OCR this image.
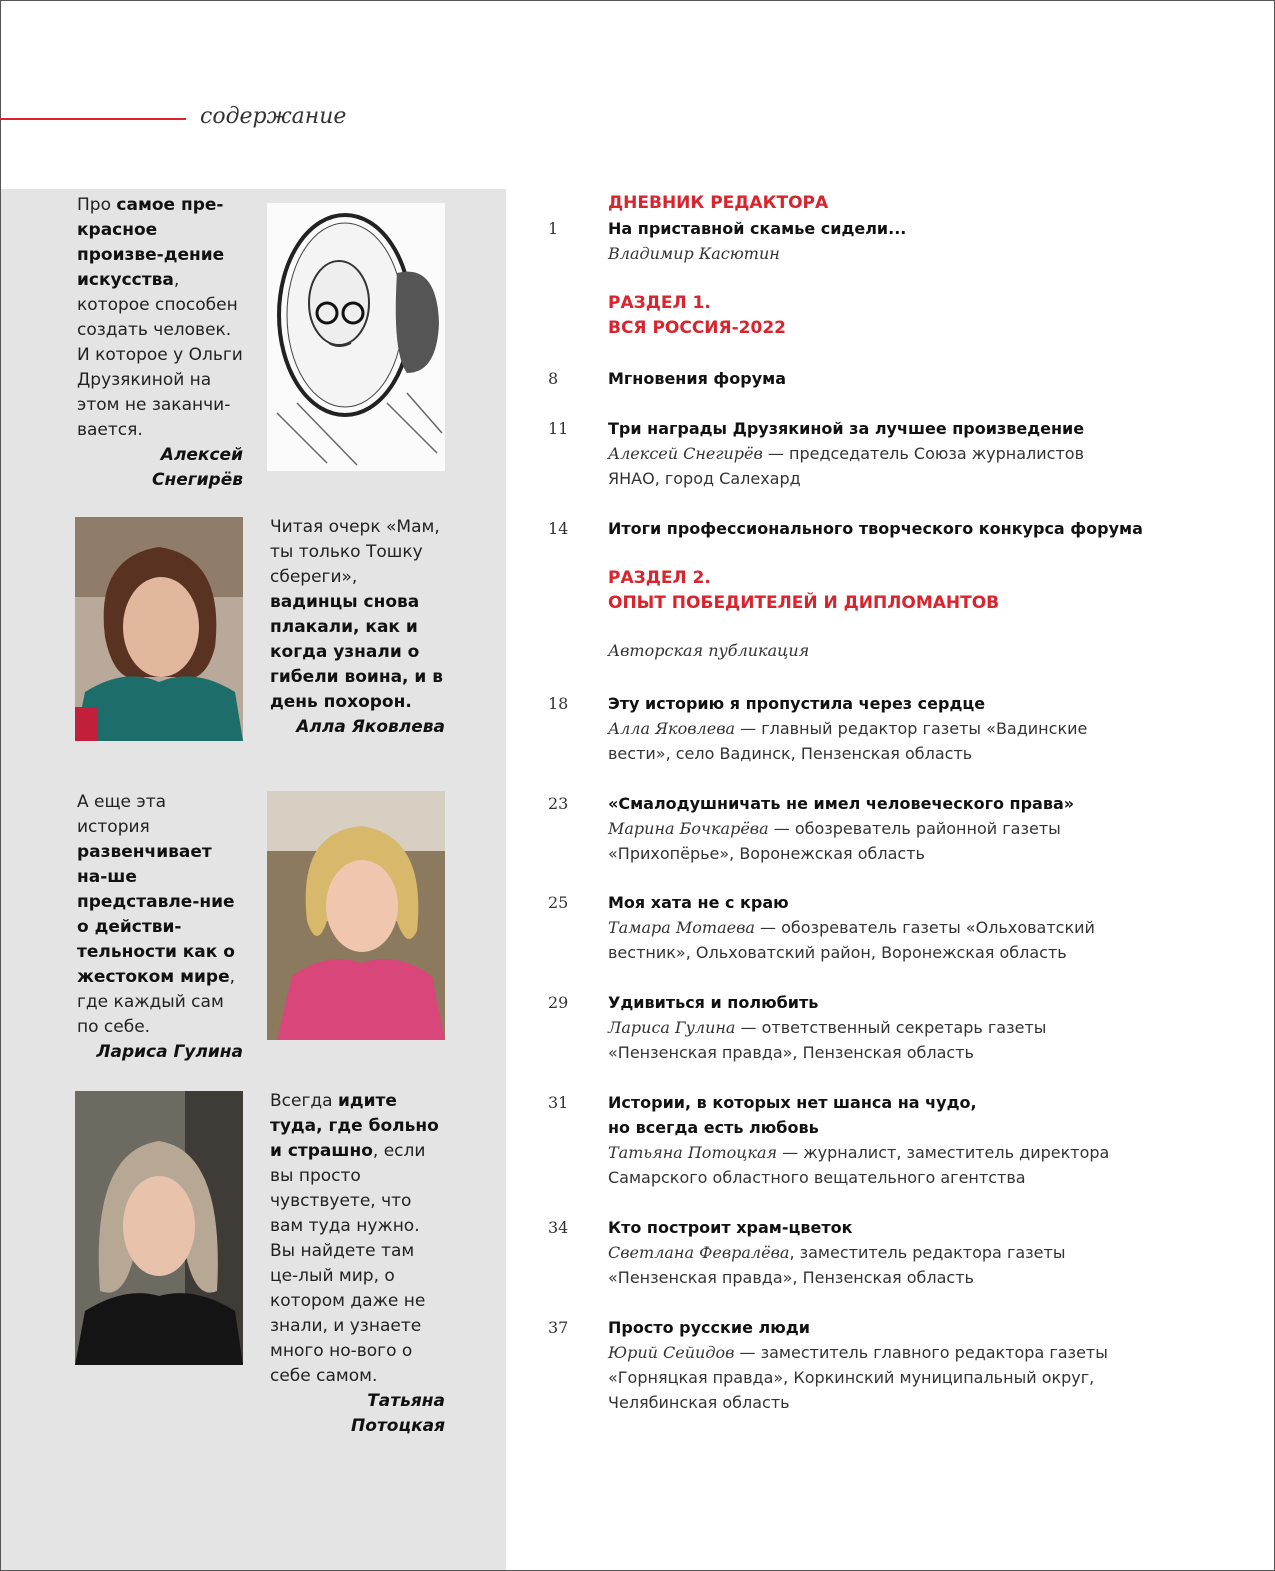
содержание
Про самое пре-красное произве-дение искусства, которое способен создать человек. И которое у Ольги Друзякиной на этом не заканчи-вается.
Алексей Снегирёв
Читая очерк «Мам, ты только Тошку сбереги», вадинцы снова плакали, как и когда узнали о гибели воина, и в день похорон.
Алла Яковлева
А еще эта история развенчивает на-ше представле-ние о действи-тельности как о жестоком мире, где каждый сам по себе.
Лариса Гулина
Всегда идите туда, где больно и страшно, если вы просто чувствуете, что вам туда нужно. Вы найдете там це-лый мир, о котором даже не знали, и узнаете много но-вого о себе самом.
Татьяна Потоцкая
ДНЕВНИК РЕДАКТОРА
1	На приставной скамье сидели...
Владимир Касютин
РАЗДЕЛ 1.
ВСЯ РОССИЯ-2022
8	Мгновения форума
11	Три награды Друзякиной за лучшее произведение
Алексей Снегирёв — председатель Союза журналистов ЯНАО, город Салехард
14	Итоги профессионального творческого конкурса форума
РАЗДЕЛ 2.
ОПЫТ ПОБЕДИТЕЛЕЙ И ДИПЛОМАНТОВ
Авторская публикация
18	Эту историю я пропустила через сердце
Алла Яковлева — главный редактор газеты «Вадинские вести», село Вадинск, Пензенская область
23	«Смалодушничать не имел человеческого права»
Марина Бочкарёва — обозреватель районной газеты «Прихопёрье», Воронежская область
25	Моя хата не с краю
Тамара Мотаева — обозреватель газеты «Ольховатский вестник», Ольховатский район, Воронежская область
29	Удивиться и полюбить
Лариса Гулина — ответственный секретарь газеты «Пензенская правда», Пензенская область
31	Истории, в которых нет шанса на чудо, но всегда есть любовь
Татьяна Потоцкая — журналист, заместитель директора Самарского областного вещательного агентства
34	Кто построит храм-цветок
Светлана Февралёва, заместитель редактора газеты «Пензенская правда», Пензенская область
37	Просто русские люди
Юрий Сейидов — заместитель главного редактора газеты «Горняцкая правда», Коркинский муниципальный округ, Челябинская область
